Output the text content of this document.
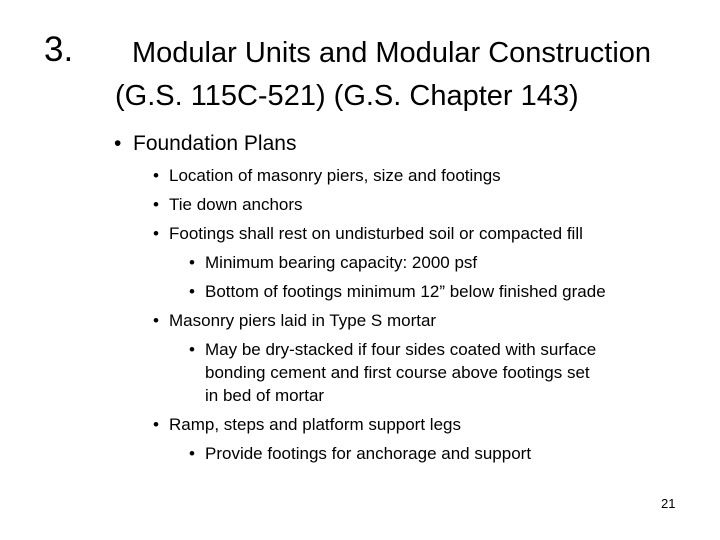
3. Modular Units and Modular Construction
(G.S. 115C-521) (G.S. Chapter 143)
• Foundation Plans
• Location of masonry piers, size and footings
• Tie down anchors
• Footings shall rest on undisturbed soil or compacted fill
• Minimum bearing capacity: 2000 psf
• Bottom of footings minimum 12” below finished grade
• Masonry piers laid in Type S mortar
• May be dry-stacked if four sides coated with surface
bonding cement and first course above footings set
in bed of mortar
• Ramp, steps and platform support legs
• Provide footings for anchorage and support
21
